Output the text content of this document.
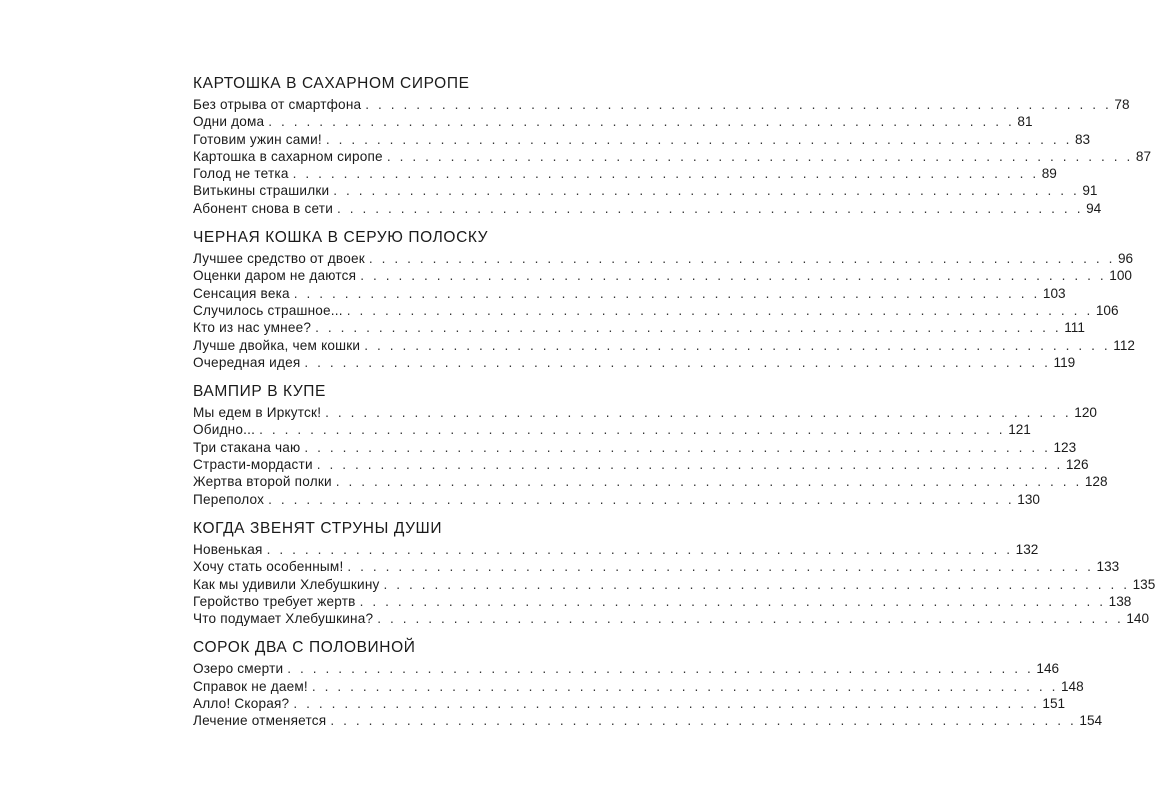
КАРТОШКА В САХАРНОМ СИРОПЕ
Без отрыва от смартфона . . . . . . . . . . . . . . . . . . . . . . . . . . . . . . . . . . . . . . . . . . . . . . . . . . . . . . . . . . . 78
Одни дома . . . . . . . . . . . . . . . . . . . . . . . . . . . . . . . . . . . . . . . . . . . . . . . . . . . . . . . . . . . 81
Готовим ужин сами! . . . . . . . . . . . . . . . . . . . . . . . . . . . . . . . . . . . . . . . . . . . . . . . . . . . . . . . . . . . 83
Картошка в сахарном сиропе . . . . . . . . . . . . . . . . . . . . . . . . . . . . . . . . . . . . . . . . . . . . . . . . . . . . . . . . . . . 87
Голод не тетка . . . . . . . . . . . . . . . . . . . . . . . . . . . . . . . . . . . . . . . . . . . . . . . . . . . . . . . . . . . 89
Витькины страшилки . . . . . . . . . . . . . . . . . . . . . . . . . . . . . . . . . . . . . . . . . . . . . . . . . . . . . . . . . . . 91
Абонент снова в сети . . . . . . . . . . . . . . . . . . . . . . . . . . . . . . . . . . . . . . . . . . . . . . . . . . . . . . . . . . . 94
ЧЕРНАЯ КОШКА В СЕРУЮ ПОЛОСКУ
Лучшее средство от двоек . . . . . . . . . . . . . . . . . . . . . . . . . . . . . . . . . . . . . . . . . . . . . . . . . . . . . . . . . . . 96
Оценки даром не даются . . . . . . . . . . . . . . . . . . . . . . . . . . . . . . . . . . . . . . . . . . . . . . . . . . . . . . . . . . . 100
Сенсация века . . . . . . . . . . . . . . . . . . . . . . . . . . . . . . . . . . . . . . . . . . . . . . . . . . . . . . . . . . . 103
Случилось страшное... . . . . . . . . . . . . . . . . . . . . . . . . . . . . . . . . . . . . . . . . . . . . . . . . . . . . . . . . . . . 106
Кто из нас умнее? . . . . . . . . . . . . . . . . . . . . . . . . . . . . . . . . . . . . . . . . . . . . . . . . . . . . . . . . . . . 111
Лучше двойка, чем кошки . . . . . . . . . . . . . . . . . . . . . . . . . . . . . . . . . . . . . . . . . . . . . . . . . . . . . . . . . . . 112
Очередная идея . . . . . . . . . . . . . . . . . . . . . . . . . . . . . . . . . . . . . . . . . . . . . . . . . . . . . . . . . . . 119
ВАМПИР В КУПЕ
Мы едем в Иркутск! . . . . . . . . . . . . . . . . . . . . . . . . . . . . . . . . . . . . . . . . . . . . . . . . . . . . . . . . . . . 120
Обидно... . . . . . . . . . . . . . . . . . . . . . . . . . . . . . . . . . . . . . . . . . . . . . . . . . . . . . . . . . . . 121
Три стакана чаю . . . . . . . . . . . . . . . . . . . . . . . . . . . . . . . . . . . . . . . . . . . . . . . . . . . . . . . . . . . 123
Страсти-мордасти . . . . . . . . . . . . . . . . . . . . . . . . . . . . . . . . . . . . . . . . . . . . . . . . . . . . . . . . . . . 126
Жертва второй полки . . . . . . . . . . . . . . . . . . . . . . . . . . . . . . . . . . . . . . . . . . . . . . . . . . . . . . . . . . . 128
Переполох . . . . . . . . . . . . . . . . . . . . . . . . . . . . . . . . . . . . . . . . . . . . . . . . . . . . . . . . . . . 130
КОГДА ЗВЕНЯТ СТРУНЫ ДУШИ
Новенькая . . . . . . . . . . . . . . . . . . . . . . . . . . . . . . . . . . . . . . . . . . . . . . . . . . . . . . . . . . . 132
Хочу стать особенным! . . . . . . . . . . . . . . . . . . . . . . . . . . . . . . . . . . . . . . . . . . . . . . . . . . . . . . . . . . . 133
Как мы удивили Хлебушкину . . . . . . . . . . . . . . . . . . . . . . . . . . . . . . . . . . . . . . . . . . . . . . . . . . . . . . . . . . . 135
Геройство требует жертв . . . . . . . . . . . . . . . . . . . . . . . . . . . . . . . . . . . . . . . . . . . . . . . . . . . . . . . . . . . 138
Что подумает Хлебушкина? . . . . . . . . . . . . . . . . . . . . . . . . . . . . . . . . . . . . . . . . . . . . . . . . . . . . . . . . . . . 140
СОРОК ДВА С ПОЛОВИНОЙ
Озеро смерти . . . . . . . . . . . . . . . . . . . . . . . . . . . . . . . . . . . . . . . . . . . . . . . . . . . . . . . . . . . 146
Справок не даем! . . . . . . . . . . . . . . . . . . . . . . . . . . . . . . . . . . . . . . . . . . . . . . . . . . . . . . . . . . . 148
Алло! Скорая? . . . . . . . . . . . . . . . . . . . . . . . . . . . . . . . . . . . . . . . . . . . . . . . . . . . . . . . . . . . 151
Лечение отменяется . . . . . . . . . . . . . . . . . . . . . . . . . . . . . . . . . . . . . . . . . . . . . . . . . . . . . . . . . . . 154
